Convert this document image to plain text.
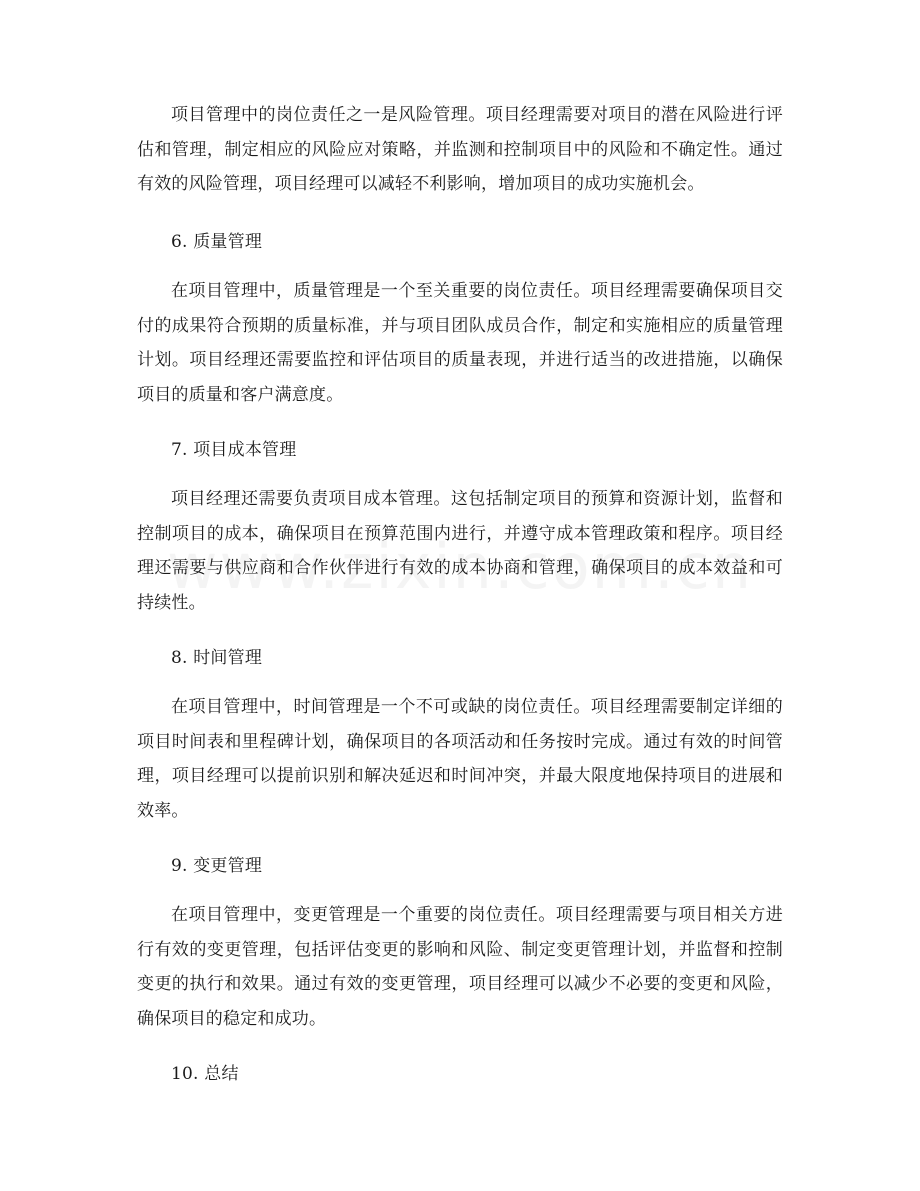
项目管理中的岗位责任之一是风险管理。项目经理需要对项目的潜在风险进行评估和管理，制定相应的风险应对策略，并监测和控制项目中的风险和不确定性。通过有效的风险管理，项目经理可以减轻不利影响，增加项目的成功实施机会。

6. 质量管理

在项目管理中，质量管理是一个至关重要的岗位责任。项目经理需要确保项目交付的成果符合预期的质量标准，并与项目团队成员合作，制定和实施相应的质量管理计划。项目经理还需要监控和评估项目的质量表现，并进行适当的改进措施，以确保项目的质量和客户满意度。

7. 项目成本管理

项目经理还需要负责项目成本管理。这包括制定项目的预算和资源计划，监督和控制项目的成本，确保项目在预算范围内进行，并遵守成本管理政策和程序。项目经理还需要与供应商和合作伙伴进行有效的成本协商和管理，确保项目的成本效益和可持续性。

8. 时间管理

在项目管理中，时间管理是一个不可或缺的岗位责任。项目经理需要制定详细的项目时间表和里程碑计划，确保项目的各项活动和任务按时完成。通过有效的时间管理，项目经理可以提前识别和解决延迟和时间冲突，并最大限度地保持项目的进展和效率。

9. 变更管理

在项目管理中，变更管理是一个重要的岗位责任。项目经理需要与项目相关方进行有效的变更管理，包括评估变更的影响和风险、制定变更管理计划，并监督和控制变更的执行和效果。通过有效的变更管理，项目经理可以减少不必要的变更和风险，确保项目的稳定和成功。

10. 总结
